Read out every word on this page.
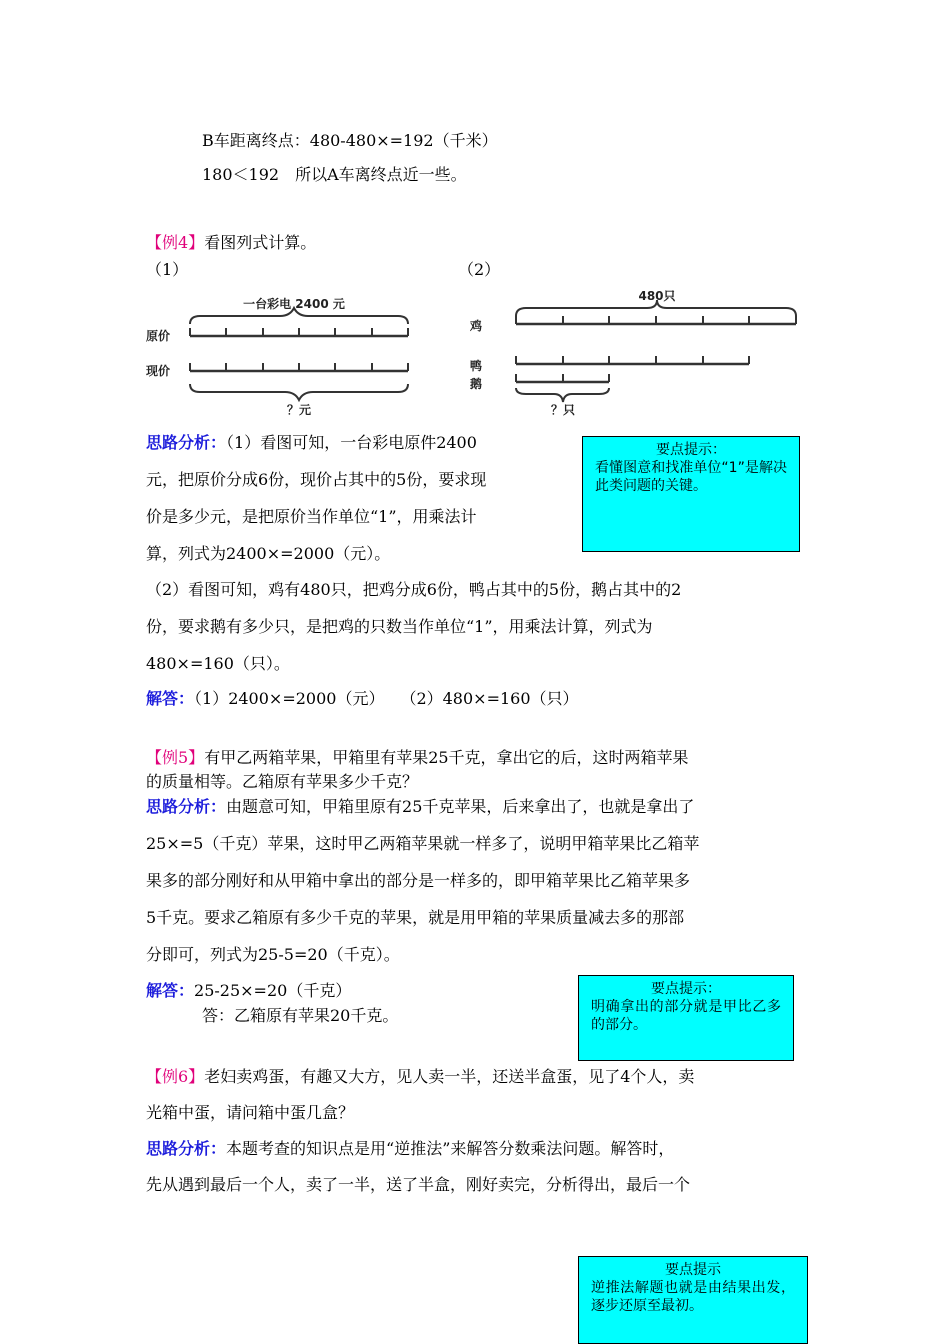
B车距离终点：480-480×=192（千米）
180＜192　所以A车离终点近一些。
【例4】看图列式计算。
（1）	（2）
一台彩电 2400 元
原价
现价
？元
480只
鸡
鸭
鹅
？只
思路分析：（1）看图可知，一台彩电原件2400
元，把原价分成6份，现价占其中的5份，要求现
价是多少元，是把原价当作单位“1”，用乘法计
算，列式为2400×=2000（元）。
要点提示：
看懂图意和找准单位“1”是解决此类问题的关键。
（2）看图可知，鸡有480只，把鸡分成6份，鸭占其中的5份，鹅占其中的2
份，要求鹅有多少只，是把鸡的只数当作单位“1”，用乘法计算，列式为
480×=160（只）。
解答：（1）2400×=2000（元）　　（2）480×=160（只）
【例5】有甲乙两箱苹果，甲箱里有苹果25千克，拿出它的后，这时两箱苹果
的质量相等。乙箱原有苹果多少千克？
思路分析：由题意可知，甲箱里原有25千克苹果，后来拿出了，也就是拿出了
25×=5（千克）苹果，这时甲乙两箱苹果就一样多了，说明甲箱苹果比乙箱苹
果多的部分刚好和从甲箱中拿出的部分是一样多的，即甲箱苹果比乙箱苹果多
5千克。要求乙箱原有多少千克的苹果，就是用甲箱的苹果质量减去多的那部
分即可，列式为25-5=20（千克）。
解答：25-25×=20（千克）
答：乙箱原有苹果20千克。
要点提示：
明确拿出的部分就是甲比乙多的部分。
【例6】老妇卖鸡蛋，有趣又大方，见人卖一半，还送半盒蛋，见了4个人，卖
光箱中蛋，请问箱中蛋几盒？
思路分析：本题考查的知识点是用“逆推法”来解答分数乘法问题。解答时，
先从遇到最后一个人，卖了一半，送了半盒，刚好卖完，分析得出，最后一个
要点提示
逆推法解题也就是由结果出发，逐步还原至最初。
